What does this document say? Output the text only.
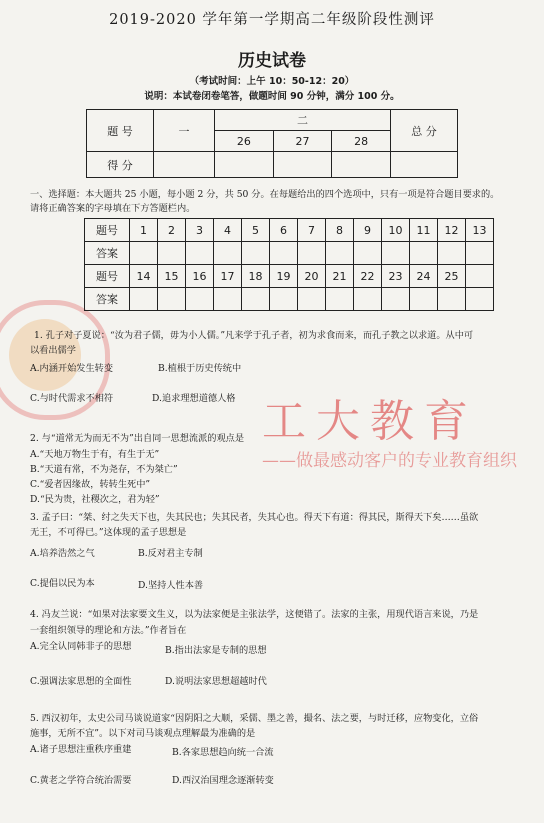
2019-2020 学年第一学期高二年级阶段性测评
历史试卷
（考试时间：上午 10：50-12：20）
说明：本试卷闭卷笔答，做题时间 90 分钟，满分 100 分。
题 号	一	二			总 分
		26	27	28	
得 分					
一、选择题：本大题共 25 小题，每小题 2 分，共 50 分。在每题给出的四个选项中，只有一项是符合题目要求的。
请将正确答案的字母填在下方答题栏内。
题号	1	2	3	4	5	6	7	8	9	10	11	12	13
答案													
题号	14	15	16	17	18	19	20	21	22	23	24	25	
答案													
1. 孔子对子夏说：“汝为君子儒，毋为小人儒。”凡来学于孔子者，初为求食而来，而孔子教之以求道。从中可
以看出儒学
A.内涵开始发生转变	B.植根于历史传统中
C.与时代需求不相符	D.追求理想道德人格
2. 与“道常无为而无不为”出自同一思想流派的观点是
A.“天地万物生于有，有生于无”
B.“天道有常，不为尧存，不为桀亡”
C.“爱者因缘故，转转生死中”
D.“民为贵，社稷次之，君为轻”
3. 孟子曰：“桀、纣之失天下也，失其民也；失其民者，失其心也。得天下有道：得其民，斯得天下矣……虽欲
无王，不可得已。”这体现的孟子思想是
A.培养浩然之气	B.反对君主专制
C.提倡以民为本	D.坚持人性本善
4. 冯友兰说：“如果对法家要文生义，以为法家便是主张法学，这便错了。法家的主张，用现代语言来说，乃是
一套组织领导的理论和方法。”作者旨在
A.完全认同韩非子的思想	B.指出法家是专制的思想
C.强调法家思想的全面性	D.说明法家思想超越时代
5. 西汉初年，太史公司马谈说道家“因阴阳之大顺，采儒、墨之善，撮名、法之要，与时迁移，应物变化，立俗
施事，无所不宜”。以下对司马谈观点理解最为准确的是
A.诸子思想注重秩序重建	B.各家思想趋向统一合流
C.黄老之学符合统治需要	D.西汉治国理念逐渐转变
工大教育
——做最感动客户的专业教育组织
